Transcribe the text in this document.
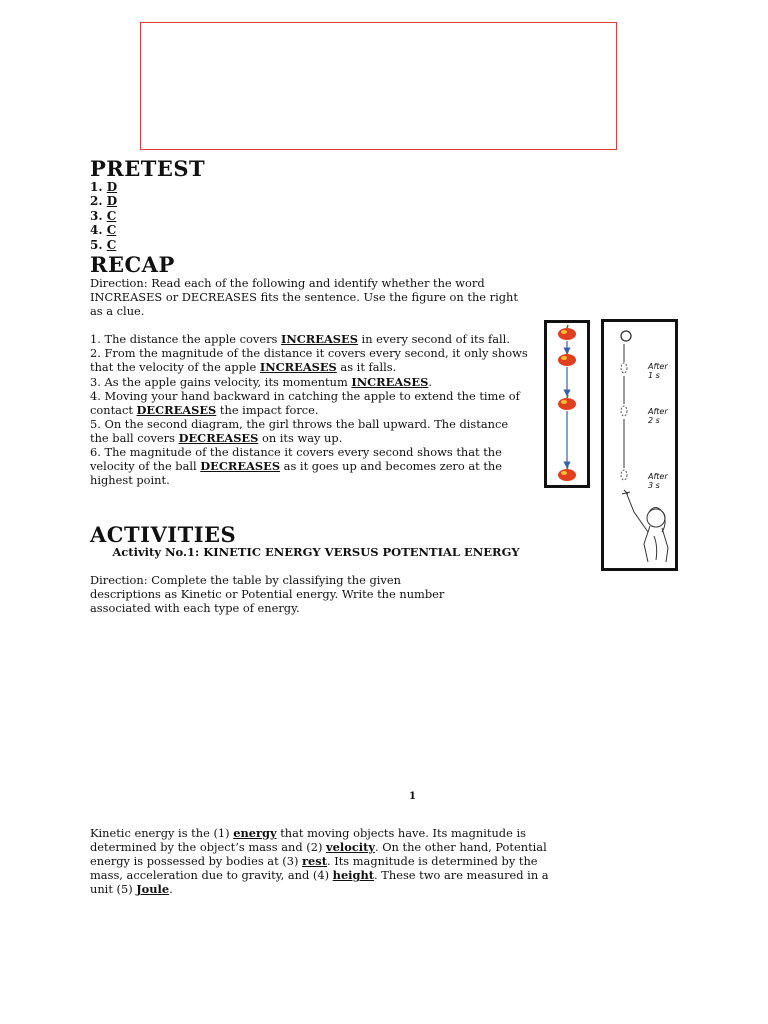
PRETEST
1. D
2. D
3. C
4. C
5. C
RECAP

Direction: Read each of the following and identify whether the word INCREASES or DECREASES fits the sentence. Use the figure on the right as a clue.

1. The distance the apple covers INCREASES in every second of its fall.

2. From the magnitude of the distance it covers every second, it only shows that the velocity of the apple INCREASES as it falls.

3. As the apple gains velocity, its momentum INCREASES.

4. Moving your hand backward in catching the apple to extend the time of contact DECREASES the impact force.

5. On the second diagram, the girl throws the ball upward. The distance the ball covers DECREASES on its way up.

6. The magnitude of the distance it covers every second shows that the velocity of the ball DECREASES as it goes up and becomes zero at the highest point.

After 1 s
After 2 s
After 3 s
ACTIVITIES
Activity No.1: KINETIC ENERGY VERSUS POTENTIAL ENERGY
Direction: Complete the table by classifying the given descriptions as Kinetic or Potential energy. Write the number associated with each type of energy.
1
Kinetic energy is the (1) energy that moving objects have. Its magnitude is determined by the object’s mass and (2) velocity. On the other hand, Potential energy is possessed by bodies at (3) rest. Its magnitude is determined by the mass, acceleration due to gravity, and (4) height. These two are measured in a unit (5) Joule.
